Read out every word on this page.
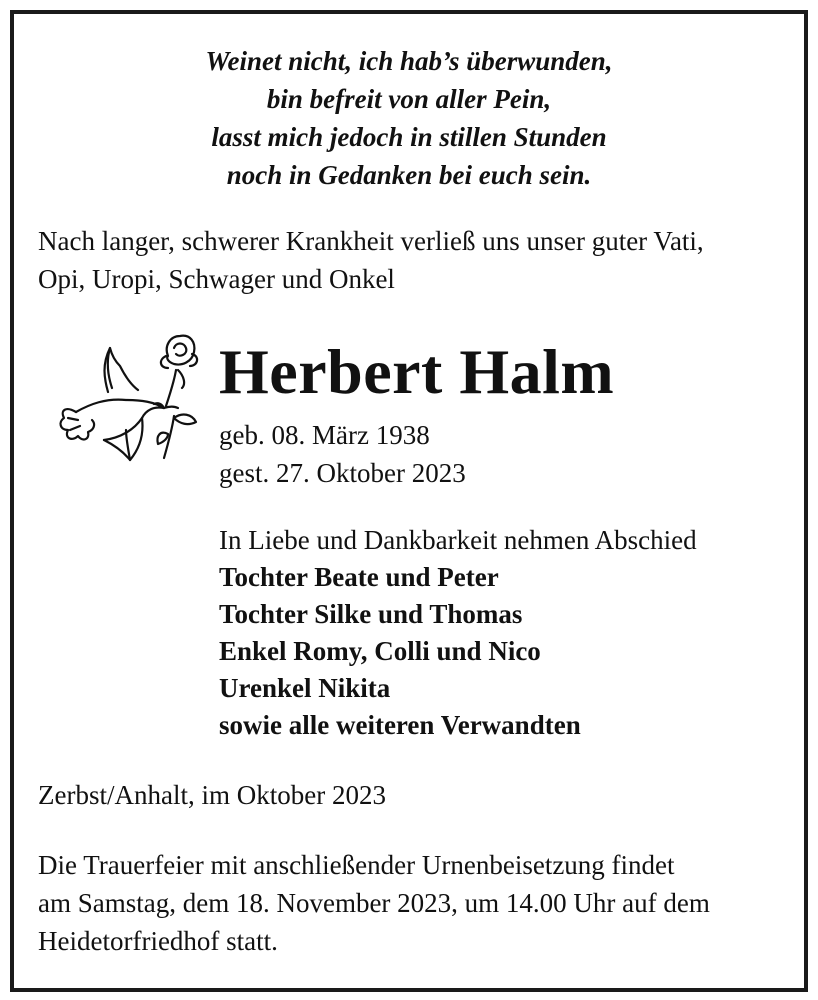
Weinet nicht, ich hab’s überwunden,
bin befreit von aller Pein,
lasst mich jedoch in stillen Stunden
noch in Gedanken bei euch sein.
Nach langer, schwerer Krankheit verließ uns unser guter Vati,
Opi, Uropi, Schwager und Onkel
Herbert Halm
geb. 08. März 1938
gest. 27. Oktober 2023
In Liebe und Dankbarkeit nehmen Abschied
Tochter Beate und Peter
Tochter Silke und Thomas
Enkel Romy, Colli und Nico
Urenkel Nikita
sowie alle weiteren Verwandten
Zerbst/Anhalt, im Oktober 2023
Die Trauerfeier mit anschließender Urnenbeisetzung findet
am Samstag, dem 18. November 2023, um 14.00 Uhr auf dem
Heidetorfriedhof statt.
